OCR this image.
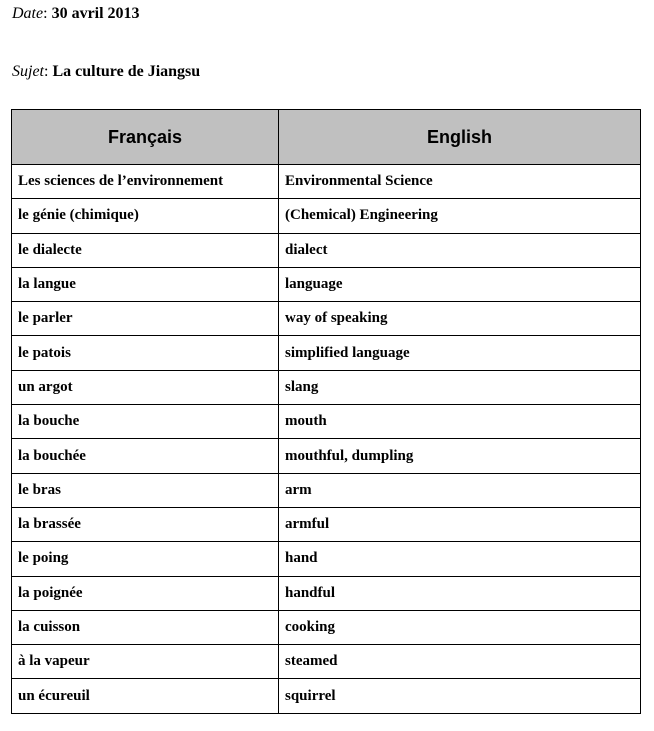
Date: 30 avril 2013
Sujet: La culture de Jiangsu
Français	English
Les sciences de l’environnement	Environmental Science
le génie (chimique)	(Chemical) Engineering
le dialecte	dialect
la langue	language
le parler	way of speaking
le patois	simplified language
un argot	slang
la bouche	mouth
la bouchée	mouthful, dumpling
le bras	arm
la brassée	armful
le poing	hand
la poignée	handful
la cuisson	cooking
à la vapeur	steamed
un écureuil	squirrel
